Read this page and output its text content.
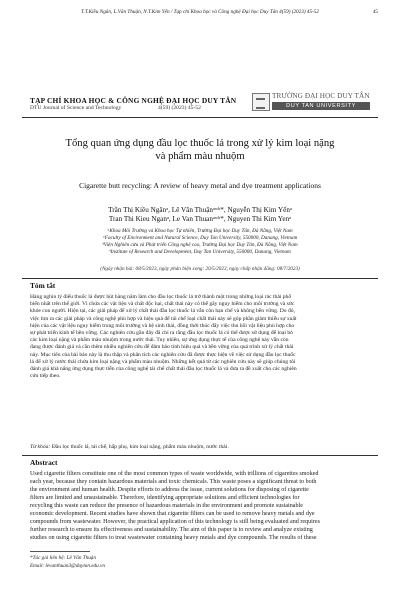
T.T.Kiều Ngân, L.Văn Thuận, N.T.Kim Yến / Tạp chí Khoa học và Công nghệ Đại học Duy Tân 4(59) (2023) 45-52	45
TẠP CHÍ KHOA HỌC & CÔNG NGHỆ ĐẠI HỌC DUY TÂN
DTU Journal of Science and Technology	4(59) (2023) 45-52
TRƯỜNG ĐẠI HỌC DUY TÂN
DUY TAN UNIVERSITY
Tổng quan ứng dụng đầu lọc thuốc lá trong xử lý kim loại nặng
và phẩm màu nhuộm
Cigarette butt recycling: A review of heavy metal and dye treatment applications
Trần Thị Kiều Ngânᵃ, Lê Văn Thuậnᵃʷᵇ*, Nguyễn Thị Kim Yếnᵃ
Tran Thi Kieu Nganᵃ, Le Van Thuanᵃʷᵇ*, Nguyen Thi Kim Yenᵃ
ᵃKhoa Môi Trường và Khoa học Tự nhiên, Trường Đại học Duy Tân, Đà Nẵng, Việt Nam
ᵃFaculty of Environment and Natural Science, Duy Tan University, 550000, Danang, Vietnam
ᵇViện Nghiên cứu và Phát triển Công nghệ cao, Trường Đại học Duy Tân, Đà Nẵng, Việt Nam
ᵇInstitute of Research and Development, Duy Tan University, 550000, Danang, Vietnam
(Ngày nhận bài: 08/5/2023, ngày phản biện xong: 20/5/2023, ngày chấp nhận đăng: 08/7/2023)
Tóm tắt
Hàng nghìn tỷ điếu thuốc lá được hút hàng năm làm cho đầu lọc thuốc lá trở thành một trong những loại rác thải phổ
biến nhất trên thế giới. Vì chứa các vật liệu và chất độc hại, chất thải này có thể gây nguy hiểm cho môi trường và sức
khỏe con người. Hiện tại, các giải pháp để xử lý chất thải đầu lọc thuốc lá vẫn còn hạn chế và không bền vững. Do đó,
việc tìm ra các giải pháp và công nghệ phù hợp và hiệu quả để tái chế loại chất thải này sẽ góp phần giảm thiểu sự xuất
hiện của các vật liệu nguy hiểm trong môi trường và hệ sinh thái, đồng thời thúc đẩy việc thu hồi vật liệu phù hợp cho
sự phát triển kinh tế bền vững. Các nghiên cứu gần đây đã chỉ ra rằng đầu lọc thuốc lá có thể được sử dụng để loại bỏ
các kim loại nặng và phẩm màu nhuộm trong nước thải. Tuy nhiên, sự ứng dụng thực tế của công nghệ này vẫn còn
đang được đánh giá và cần thêm nhiều nghiên cứu để đảm bảo tính hiệu quả và bền vững của quá trình xử lý chất thải
này. Mục tiêu của bài báo này là thu thập và phân tích các nghiên cứu đã được thực hiện về việc sử dụng đầu lọc thuốc
lá để xử lý nước thải chứa kim loại nặng và phẩm màu nhuộm. Những kết quả từ các nghiên cứu này sẽ giúp chúng tôi
đánh giá khả năng ứng dụng thực tiễn của công nghệ tái chế chất thải đầu lọc thuốc lá và đưa ra đề xuất cho các nghiên
cứu tiếp theo.
Từ khóa: Đầu lọc thuốc lá, tái chế, hấp phụ, kim loại nặng, phẩm màu nhuộm, nước thải.
Abstract
Used cigarette filters constitute one of the most common types of waste worldwide, with trillions of cigarettes smoked
each year, because they contain hazardous materials and toxic chemicals. This waste poses a significant threat to both
the environment and human health. Despite efforts to address the issue, current solutions for disposing of cigarette
filters are limited and unsustainable. Therefore, identifying appropriate solutions and efficient technologies for
recycling this waste can reduce the presence of hazardous materials in the environment and promote sustainable
economic development. Recent studies have shown that cigarette filters can be used to remove heavy metals and dye
compounds from wastewater. However, the practical application of this technology is still being evaluated and requires
further research to ensure its effectiveness and sustainability. The aim of this paper is to review and analyze existing
studies on using cigarette filters to treat wastewater containing heavy metals and dye compounds. The results of these
*Tác giả liên hệ: Lê Văn Thuận
Email: levanthuan3@duytan.edu.vn
